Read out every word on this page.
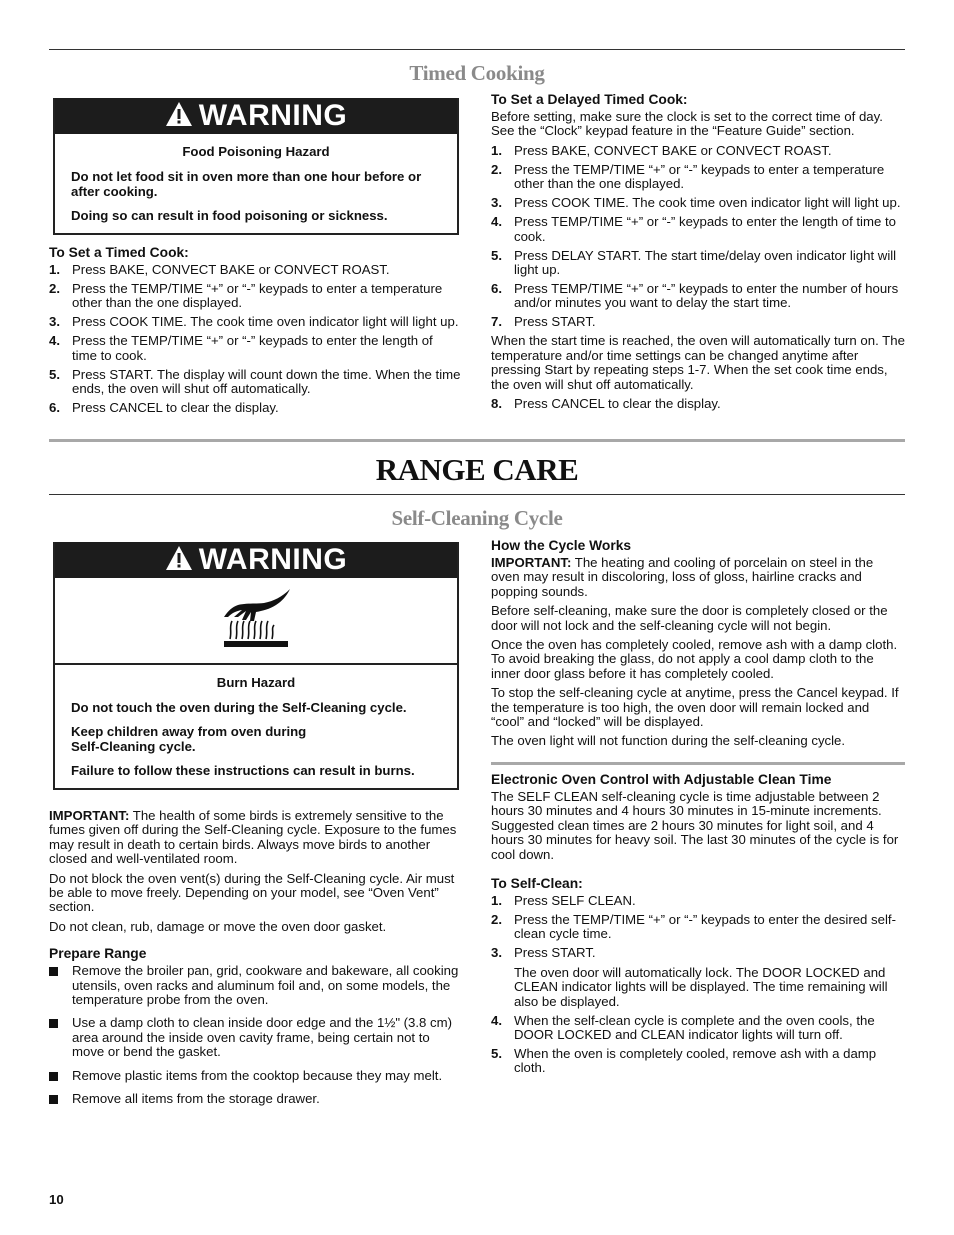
Timed Cooking
WARNING
Food Poisoning Hazard

Do not let food sit in oven more than one hour before or after cooking.

Doing so can result in food poisoning or sickness.

To Set a Timed Cook:
1. Press BAKE, CONVECT BAKE or CONVECT ROAST.
2. Press the TEMP/TIME “+” or “-” keypads to enter a temperature other than the one displayed.
3. Press COOK TIME. The cook time oven indicator light will light up.
4. Press the TEMP/TIME “+” or “-” keypads to enter the length of time to cook.
5. Press START. The display will count down the time. When the time ends, the oven will shut off automatically.
6. Press CANCEL to clear the display.
To Set a Delayed Timed Cook:

Before setting, make sure the clock is set to the correct time of day. See the “Clock” keypad feature in the “Feature Guide” section.

1. Press BAKE, CONVECT BAKE or CONVECT ROAST.
2. Press the TEMP/TIME “+” or “-” keypads to enter a temperature other than the one displayed.
3. Press COOK TIME. The cook time oven indicator light will light up.
4. Press TEMP/TIME “+” or “-” keypads to enter the length of time to cook.
5. Press DELAY START. The start time/delay oven indicator light will light up.
6. Press TEMP/TIME “+” or “-” keypads to enter the number of hours and/or minutes you want to delay the start time.
7. Press START.

When the start time is reached, the oven will automatically turn on. The temperature and/or time settings can be changed anytime after pressing Start by repeating steps 1-7. When the set cook time ends, the oven will shut off automatically.

8. Press CANCEL to clear the display.
RANGE CARE
Self-Cleaning Cycle
WARNING
Burn Hazard

Do not touch the oven during the Self-Cleaning cycle.

Keep children away from oven during Self-Cleaning cycle.

Failure to follow these instructions can result in burns.

IMPORTANT: The health of some birds is extremely sensitive to the fumes given off during the Self-Cleaning cycle. Exposure to the fumes may result in death to certain birds. Always move birds to another closed and well-ventilated room.

Do not block the oven vent(s) during the Self-Cleaning cycle. Air must be able to move freely. Depending on your model, see “Oven Vent” section.

Do not clean, rub, damage or move the oven door gasket.

Prepare Range
Remove the broiler pan, grid, cookware and bakeware, all cooking utensils, oven racks and aluminum foil and, on some models, the temperature probe from the oven.
Use a damp cloth to clean inside door edge and the 1½" (3.8 cm) area around the inside oven cavity frame, being certain not to move or bend the gasket.
Remove plastic items from the cooktop because they may melt.
Remove all items from the storage drawer.
How the Cycle Works

IMPORTANT: The heating and cooling of porcelain on steel in the oven may result in discoloring, loss of gloss, hairline cracks and popping sounds.

Before self-cleaning, make sure the door is completely closed or the door will not lock and the self-cleaning cycle will not begin.

Once the oven has completely cooled, remove ash with a damp cloth. To avoid breaking the glass, do not apply a cool damp cloth to the inner door glass before it has completely cooled.

To stop the self-cleaning cycle at anytime, press the Cancel keypad. If the temperature is too high, the oven door will remain locked and “cool” and “locked” will be displayed.

The oven light will not function during the self-cleaning cycle.

Electronic Oven Control with Adjustable Clean Time

The SELF CLEAN self-cleaning cycle is time adjustable between 2 hours 30 minutes and 4 hours 30 minutes in 15-minute increments. Suggested clean times are 2 hours 30 minutes for light soil, and 4 hours 30 minutes for heavy soil. The last 30 minutes of the cycle is for cool down.

To Self-Clean:
1. Press SELF CLEAN.
2. Press the TEMP/TIME “+” or “-” keypads to enter the desired self-clean cycle time.
3. Press START.
The oven door will automatically lock. The DOOR LOCKED and CLEAN indicator lights will be displayed. The time remaining will also be displayed.
4. When the self-clean cycle is complete and the oven cools, the DOOR LOCKED and CLEAN indicator lights will turn off.
5. When the oven is completely cooled, remove ash with a damp cloth.
10
